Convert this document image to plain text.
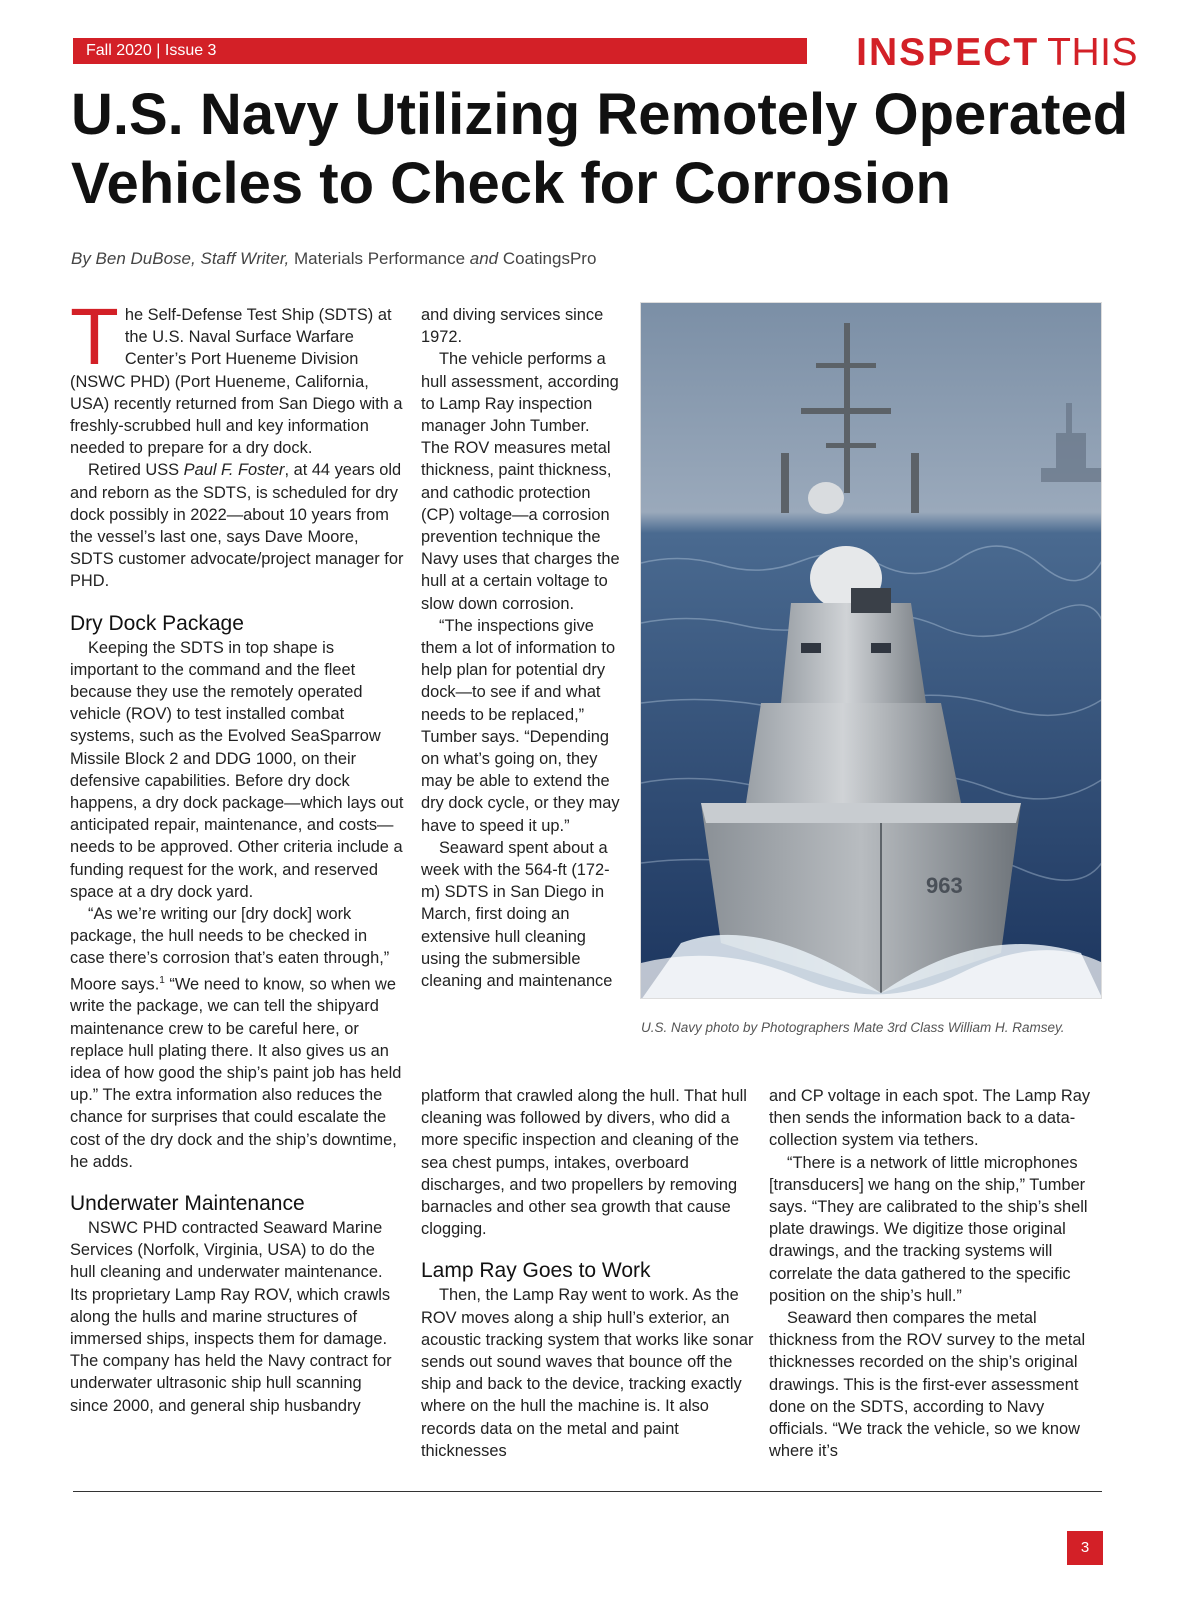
Fall 2020 | Issue 3	INSPECT THIS
U.S. Navy Utilizing Remotely Operated Vehicles to Check for Corrosion

By Ben DuBose, Staff Writer, Materials Performance and CoatingsPro

The Self-Defense Test Ship (SDTS) at the U.S. Naval Surface Warfare Center’s Port Hueneme Division (NSWC PHD) (Port Hueneme, California, USA) recently returned from San Diego with a freshly-scrubbed hull and key information needed to prepare for a dry dock.

Retired USS Paul F. Foster, at 44 years old and reborn as the SDTS, is scheduled for dry dock possibly in 2022—about 10 years from the vessel’s last one, says Dave Moore, SDTS customer advocate/project manager for PHD.

Dry Dock Package

Keeping the SDTS in top shape is important to the command and the fleet because they use the remotely operated vehicle (ROV) to test installed combat systems, such as the Evolved SeaSparrow Missile Block 2 and DDG 1000, on their defensive capabilities. Before dry dock happens, a dry dock package—which lays out anticipated repair, maintenance, and costs—needs to be approved. Other criteria include a funding request for the work, and reserved space at a dry dock yard.

“As we’re writing our [dry dock] work package, the hull needs to be checked in case there’s corrosion that’s eaten through,” Moore says.$^1$ “We need to know, so when we write the package, we can tell the shipyard maintenance crew to be careful here, or replace hull plating there. It also gives us an idea of how good the ship’s paint job has held up.” The extra information also reduces the chance for surprises that could escalate the cost of the dry dock and the ship’s downtime, he adds.

Underwater Maintenance

NSWC PHD contracted Seaward Marine Services (Norfolk, Virginia, USA) to do the hull cleaning and underwater maintenance. Its proprietary Lamp Ray ROV, which crawls along the hulls and marine structures of immersed ships, inspects them for damage. The company has held the Navy contract for underwater ultrasonic ship hull scanning since 2000, and general ship husbandry

and diving services since 1972.

The vehicle performs a hull assessment, according to Lamp Ray inspection manager John Tumber. The ROV measures metal thickness, paint thickness, and cathodic protection (CP) voltage—a corrosion prevention technique the Navy uses that charges the hull at a certain voltage to slow down corrosion.

“The inspections give them a lot of information to help plan for potential dry dock—to see if and what needs to be replaced,” Tumber says. “Depending on what’s going on, they may be able to extend the dry dock cycle, or they may have to speed it up.”

Seaward spent about a week with the 564-ft (172-m) SDTS in San Diego in March, first doing an extensive hull cleaning using the submersible cleaning and maintenance

platform that crawled along the hull. That hull cleaning was followed by divers, who did a more specific inspection and cleaning of the sea chest pumps, intakes, overboard discharges, and two propellers by removing barnacles and other sea growth that cause clogging.

Lamp Ray Goes to Work

Then, the Lamp Ray went to work. As the ROV moves along a ship hull’s exterior, an acoustic tracking system that works like sonar sends out sound waves that bounce off the ship and back to the device, tracking exactly where on the hull the machine is. It also records data on the metal and paint thicknesses

and CP voltage in each spot. The Lamp Ray then sends the information back to a data-collection system via tethers.

“There is a network of little microphones [transducers] we hang on the ship,” Tumber says. “They are calibrated to the ship’s shell plate drawings. We digitize those original drawings, and the tracking systems will correlate the data gathered to the specific position on the ship’s hull.”

Seaward then compares the metal thickness from the ROV survey to the metal thicknesses recorded on the ship’s original drawings. This is the first-ever assessment done on the SDTS, according to Navy officials. “We track the vehicle, so we know where it’s

963

U.S. Navy photo by Photographers Mate 3rd Class William H. Ramsey.

3
